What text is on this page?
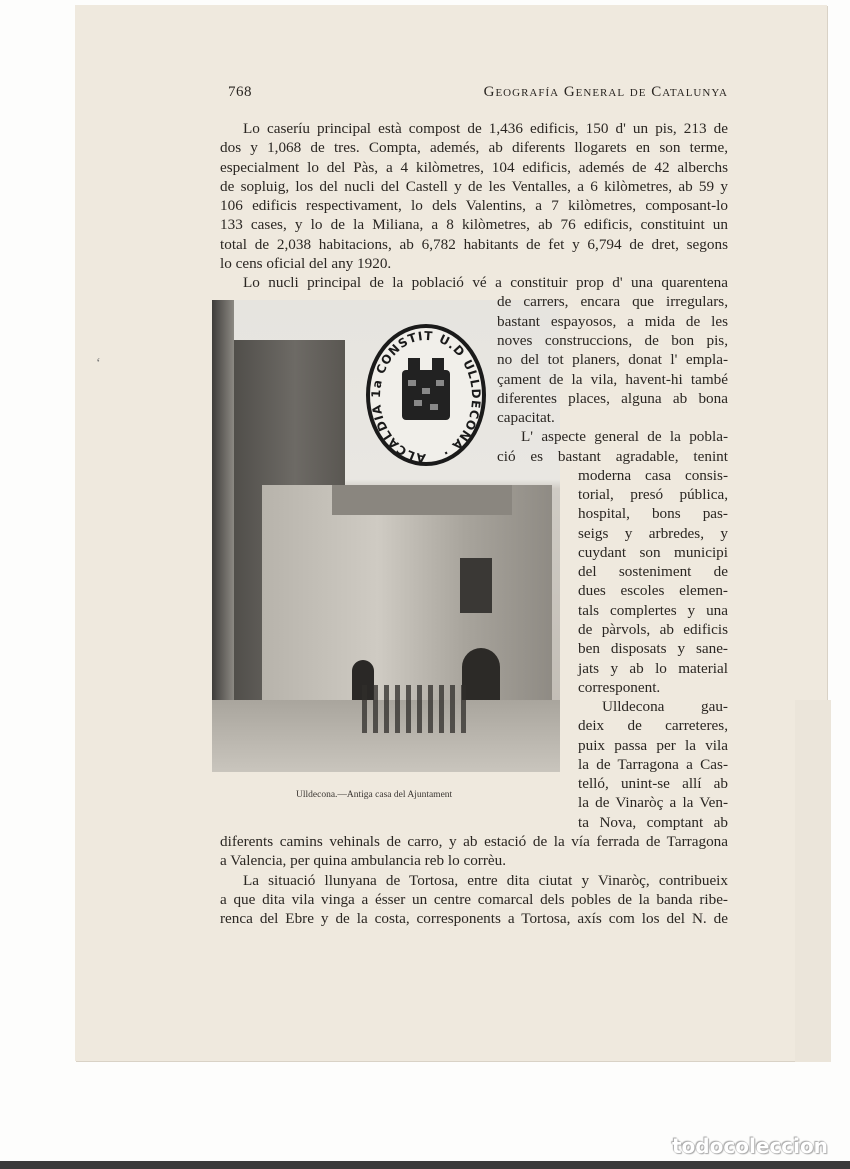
ʻ
768	Geografía General de Catalunya
ALCALDIA 1a CONSTIT U.D ULLDECONA ·
Ulldecona.—Antiga casa del Ajuntament
Lo caseríu principal està compost de 1,436 edificis, 150 d' un pis, 213 de
dos y 1,068 de tres. Compta, ademés, ab diferents llogarets en son terme,
especialment lo del Pàs, a 4 kilòmetres, 104 edificis, ademés de 42 alberchs
de sopluig, los del nucli del Castell y de les Ventalles, a 6 kilòmetres, ab 59 y
106 edificis respectivament, lo dels Valentins, a 7 kilòmetres, composant-lo
133 cases, y lo de la Miliana, a 8 kilòmetres, ab 76 edificis, constituint un
total de 2,038 habitacions, ab 6,782 habitants de fet y 6,794 de dret, segons
lo cens oficial del any 1920.
Lo nucli principal de la població vé a constituir prop d' una quarentena
de carrers, encara que irregulars,
bastant espayosos, a mida de les
noves construccions, de bon pis,
no del tot planers, donat l' empla-
çament de la vila, havent-hi també
diferentes places, alguna ab bona
capacitat.
L' aspecte general de la pobla-
ció es bastant agradable, tenint
moderna casa consis-
torial, presó pública,
hospital, bons pas-
seigs y arbredes, y
cuydant son municipi
del sosteniment de
dues escoles elemen-
tals complertes y una
de pàrvols, ab edificis
ben disposats y sane-
jats y ab lo material
corresponent.
Ulldecona gau-
deix de carreteres,
puix passa per la vila
la de Tarragona a Cas-
telló, unint-se allí ab
la de Vinaròç a la Ven-
ta Nova, comptant ab
diferents camins vehinals de carro, y ab estació de la vía ferrada de Tarragona
a Valencia, per quina ambulancia reb lo corrèu.
La situació llunyana de Tortosa, entre dita ciutat y Vinaròç, contribueix
a que dita vila vinga a ésser un centre comarcal dels pobles de la banda ribe-
renca del Ebre y de la costa, corresponents a Tortosa, axís com los del N. de
todocoleccion
